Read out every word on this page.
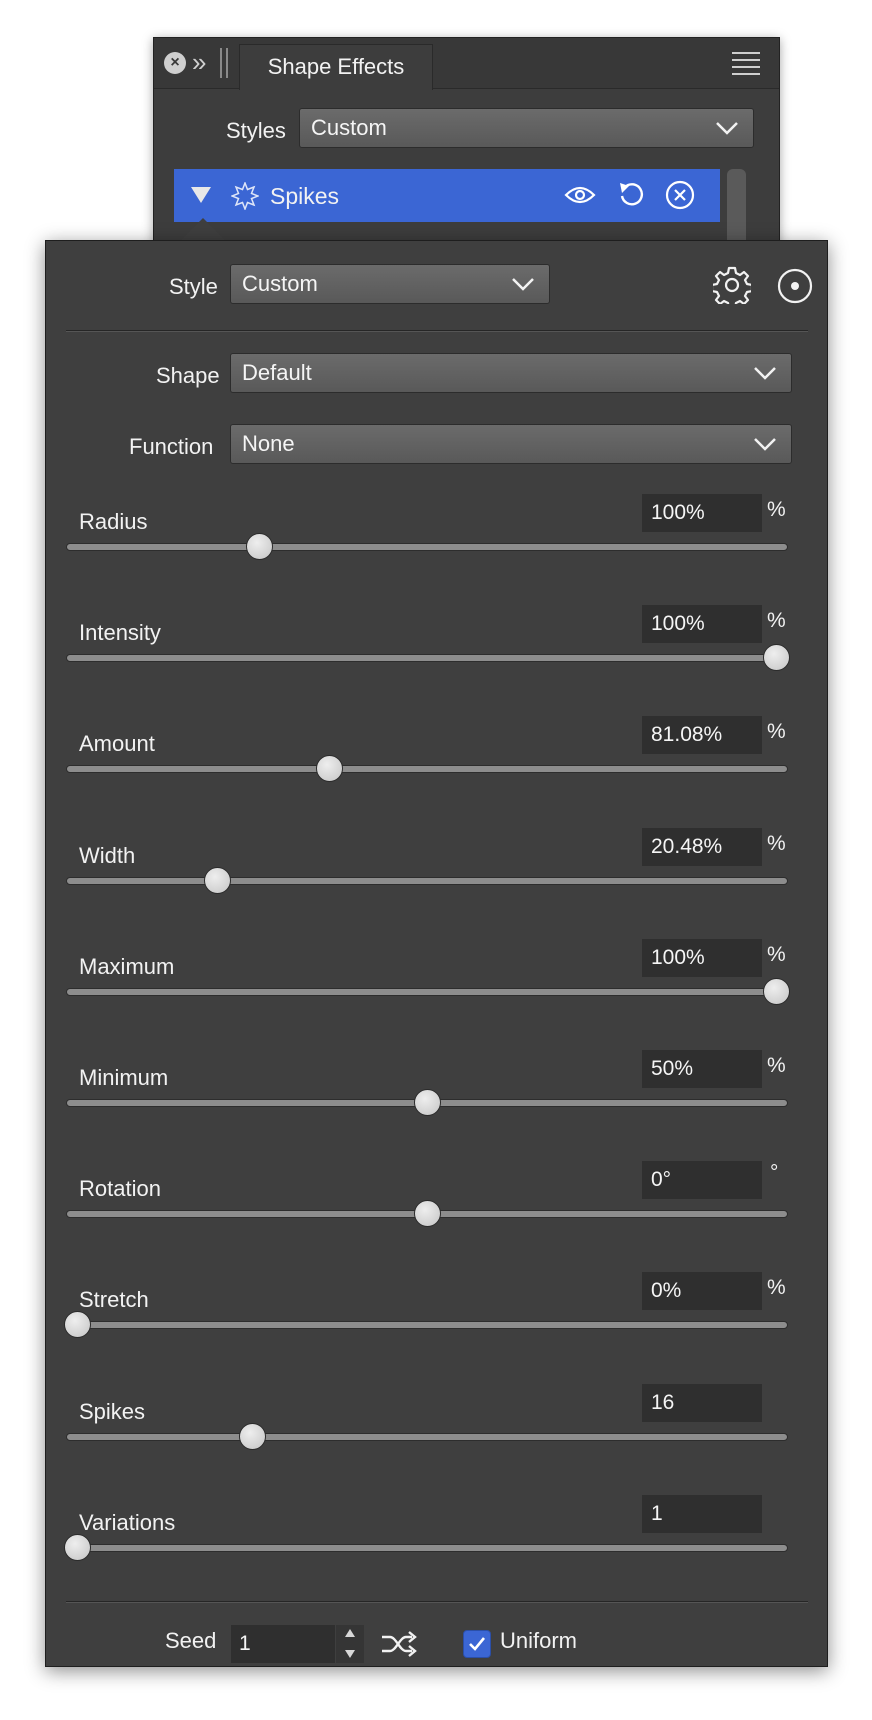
× »	Shape Effects
Styles	Custom
Spikes
Style	Custom
Shape	Default
Function	None
Radius	100%	%
Intensity	100%	%
Amount	81.08%	%
Width	20.48%	%
Maximum	100%	%
Minimum	50%	%
Rotation	0°	°
Stretch	0%	%
Spikes	16
Variations	1
Seed	1	Uniform
